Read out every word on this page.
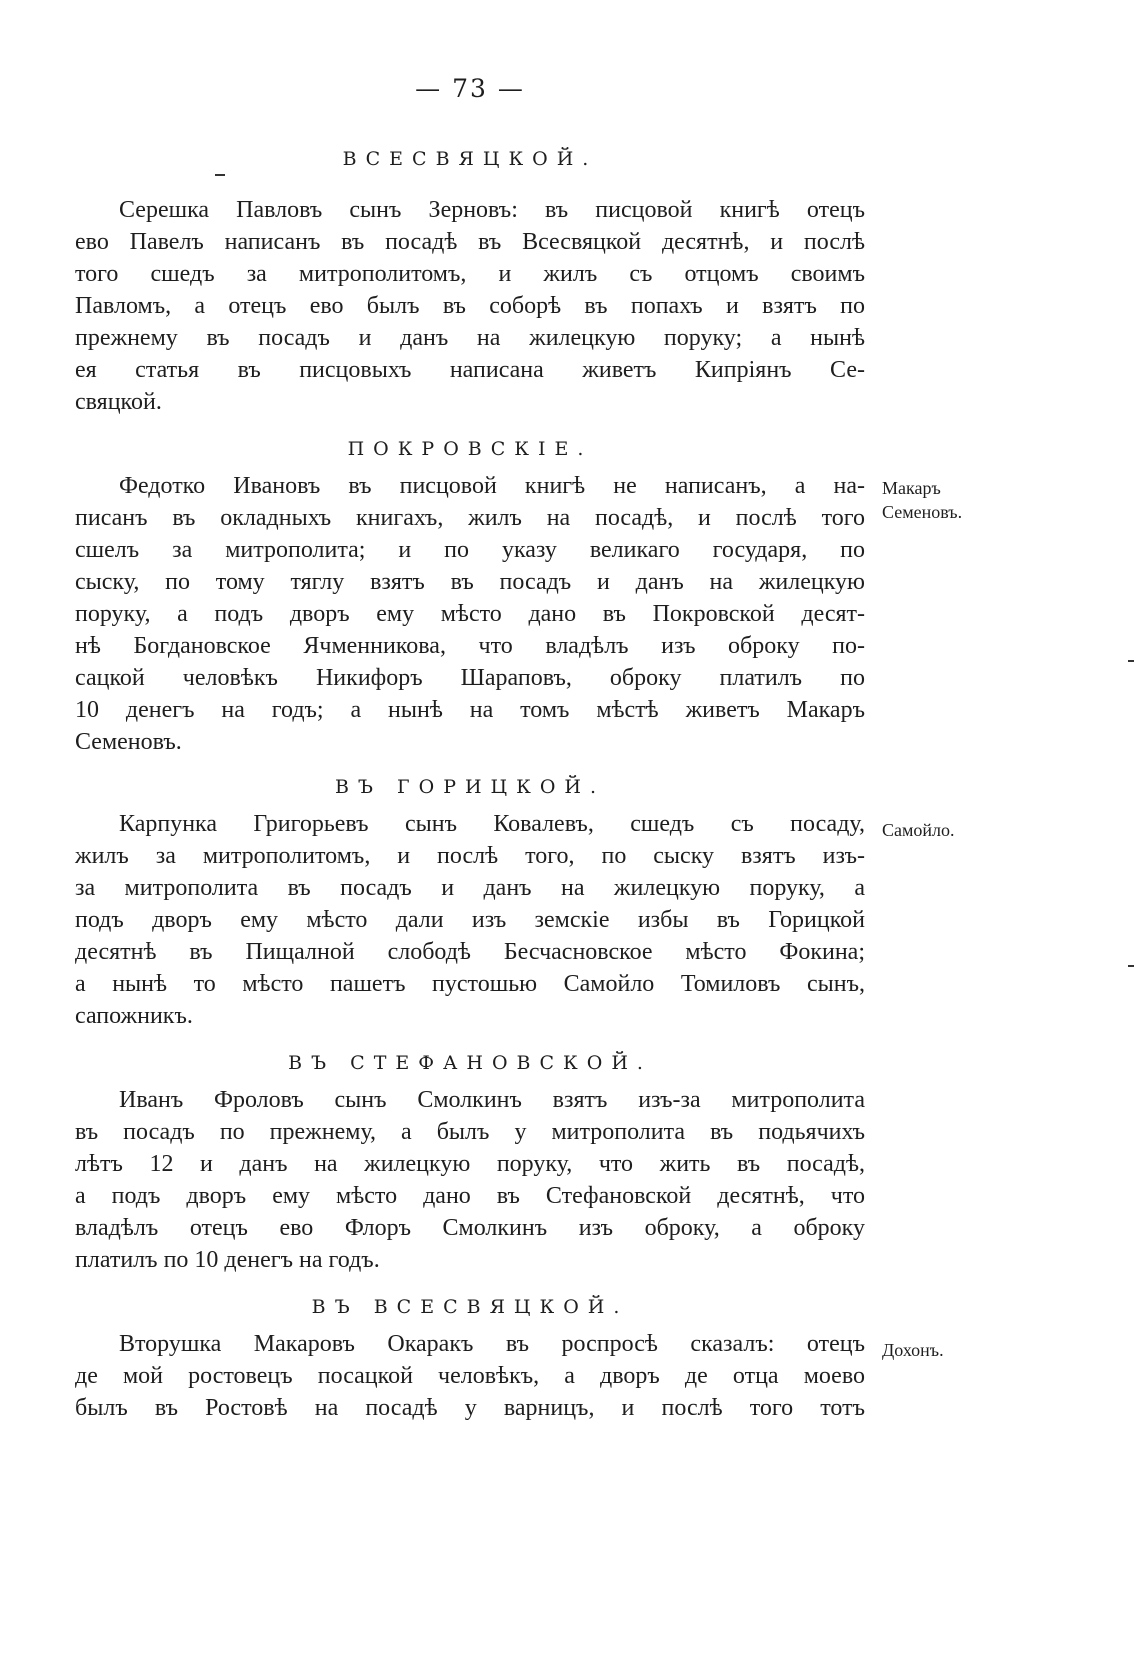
— 73 —
ВСЕСВЯЦКОЙ.
Серешка Павловъ сынъ Зерновъ: въ писцовой книгѣ отецъ
ево Павелъ написанъ въ посадѣ въ Всесвяцкой десятнѣ, и послѣ
того сшедъ за митрополитомъ, и жилъ съ отцомъ своимъ
Павломъ, а отецъ ево былъ въ соборѣ въ попахъ и взятъ по
прежнему въ посадъ и данъ на жилецкую поруку; а нынѣ
ея статья въ писцовыхъ написана живетъ Кипріянъ Се-
свяцкой.
ПОКРОВСКІЕ.
Федотко Ивановъ въ писцовой книгѣ не написанъ, а на-
писанъ въ окладныхъ книгахъ, жилъ на посадѣ, и послѣ того
сшелъ за митрополита; и по указу великаго государя, по
сыску, по тому тяглу взятъ въ посадъ и данъ на жилецкую
поруку, а подъ дворъ ему мѣсто дано въ Покровской десят-
нѣ Богдановское Ячменникова, что владѣлъ изъ оброку по-
сацкой человѣкъ Никифоръ Шараповъ, оброку платилъ по
10 денегъ на годъ; а нынѣ на томъ мѣстѣ живетъ Макаръ
Семеновъ.
Макаръ
Семеновъ.
ВЪ ГОРИЦКОЙ.
Карпунка Григорьевъ сынъ Ковалевъ, сшедъ съ посаду,
жилъ за митрополитомъ, и послѣ того, по сыску взятъ изъ-
за митрополита въ посадъ и данъ на жилецкую поруку, а
подъ дворъ ему мѣсто дали изъ земскіе избы въ Горицкой
десятнѣ въ Пищалной слободѣ Бесчасновское мѣсто Фокина;
а нынѣ то мѣсто пашетъ пустошью Самойло Томиловъ сынъ,
сапожникъ.
Самойло.
ВЪ СТЕФАНОВСКОЙ.
Иванъ Фроловъ сынъ Смолкинъ взятъ изъ-за митрополита
въ посадъ по прежнему, а былъ у митрополита въ подьячихъ
лѣтъ 12 и данъ на жилецкую поруку, что жить въ посадѣ,
а подъ дворъ ему мѣсто дано въ Стефановской десятнѣ, что
владѣлъ отецъ ево Флоръ Смолкинъ изъ оброку, а оброку
платилъ по 10 денегъ на годъ.
ВЪ ВСЕСВЯЦКОЙ.
Вторушка Макаровъ Окаракъ въ роспросѣ сказалъ: отецъ
де мой ростовецъ посацкой человѣкъ, а дворъ де отца моево
былъ въ Ростовѣ на посадѣ у варницъ, и послѣ того тотъ
Дохонъ.
